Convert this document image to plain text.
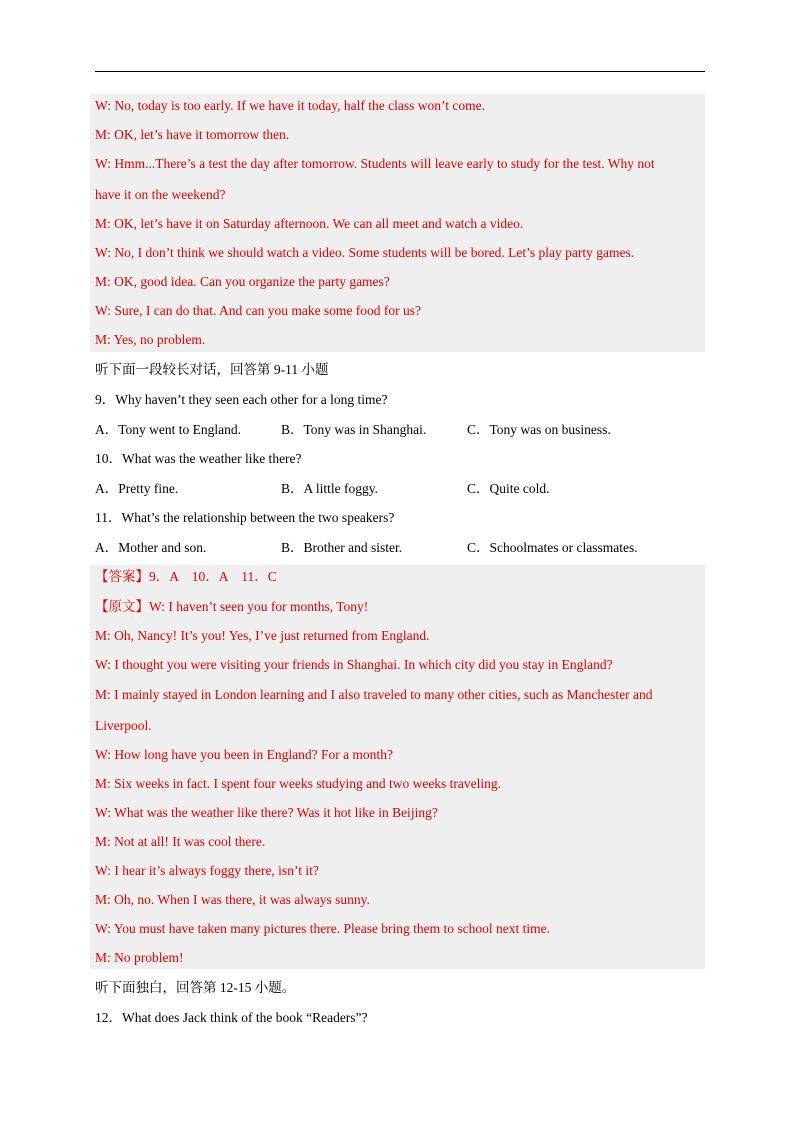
W: No, today is too early. If we have it today, half the class won’t come.
M: OK, let’s have it tomorrow then.
W: Hmm...There’s a test the day after tomorrow. Students will leave early to study for the test. Why not
have it on the weekend?
M: OK, let’s have it on Saturday afternoon. We can all meet and watch a video.
W: No, I don’t think we should watch a video. Some students will be bored. Let’s play party games.
M: OK, good idea. Can you organize the party games?
W: Sure, I can do that. And can you make some food for us?
M: Yes, no problem.
听下面一段较长对话，回答第 9-11 小题
9．Why haven’t they seen each other for a long time?
A．Tony went to England.	B．Tony was in Shanghai.	C．Tony was on business.
10．What was the weather like there?
A．Pretty fine.	B．A little foggy.	C．Quite cold.
11．What’s the relationship between the two speakers?
A．Mother and son.	B．Brother and sister.	C．Schoolmates or classmates.
【答案】9．A　10．A　11．C
【原文】W: I haven’t seen you for months, Tony!
M: Oh, Nancy! It’s you! Yes, I’ve just returned from England.
W: I thought you were visiting your friends in Shanghai. In which city did you stay in England?
M: I mainly stayed in London learning and I also traveled to many other cities, such as Manchester and
Liverpool.
W: How long have you been in England? For a month?
M: Six weeks in fact. I spent four weeks studying and two weeks traveling.
W: What was the weather like there? Was it hot like in Beijing?
M: Not at all! It was cool there.
W: I hear it’s always foggy there, isn’t it?
M: Oh, no. When I was there, it was always sunny.
W: You must have taken many pictures there. Please bring them to school next time.
M: No problem!
听下面独白，回答第 12-15 小题。
12．What does Jack think of the book “Readers”?
